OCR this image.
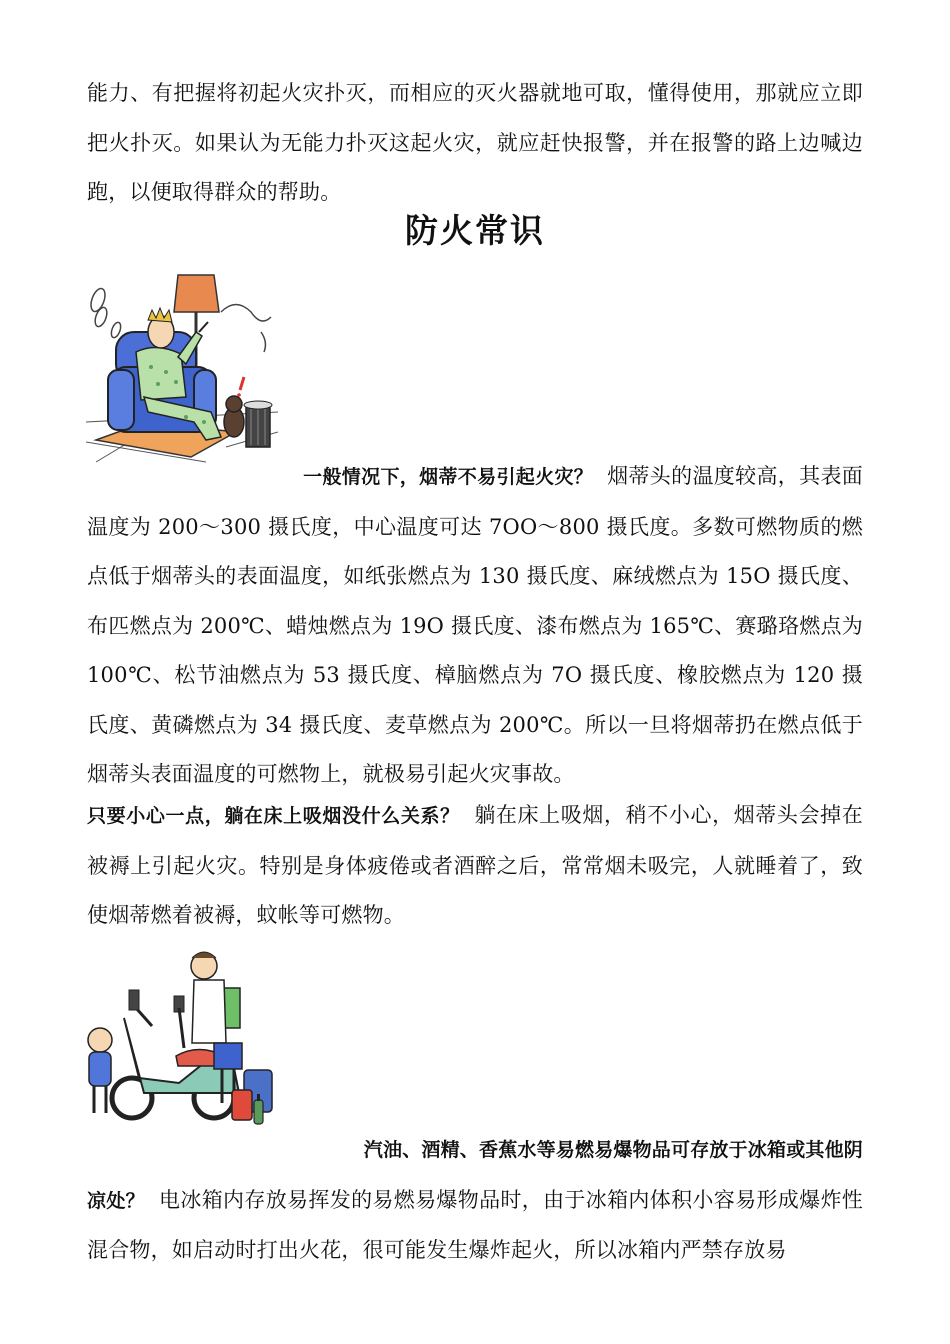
能力、有把握将初起火灾扑灭，而相应的灭火器就地可取，懂得使用，那就应立即把火扑灭。如果认为无能力扑灭这起火灾，就应赶快报警，并在报警的路上边喊边跑，以便取得群众的帮助。

防火常识

一般情况下，烟蒂不易引起火灾？ 烟蒂头的温度较高，其表面温度为 200～300 摄氏度，中心温度可达 7OO～800 摄氏度。多数可燃物质的燃点低于烟蒂头的表面温度，如纸张燃点为 130 摄氏度、麻绒燃点为 15O 摄氏度、布匹燃点为 200℃、蜡烛燃点为 19O 摄氏度、漆布燃点为 165℃、赛璐珞燃点为 100℃、松节油燃点为 53 摄氏度、樟脑燃点为 7O 摄氏度、橡胶燃点为 120 摄氏度、黄磷燃点为 34 摄氏度、麦草燃点为 200℃。所以一旦将烟蒂扔在燃点低于烟蒂头表面温度的可燃物上，就极易引起火灾事故。

只要小心一点，躺在床上吸烟没什么关系？ 躺在床上吸烟，稍不小心，烟蒂头会掉在被褥上引起火灾。特别是身体疲倦或者酒醉之后，常常烟未吸完，人就睡着了，致使烟蒂燃着被褥，蚊帐等可燃物。

汽油、酒精、香蕉水等易燃易爆物品可存放于冰箱或其他阴

凉处？ 电冰箱内存放易挥发的易燃易爆物品时，由于冰箱内体积小容易形成爆炸性混合物，如启动时打出火花，很可能发生爆炸起火，所以冰箱内严禁存放易
